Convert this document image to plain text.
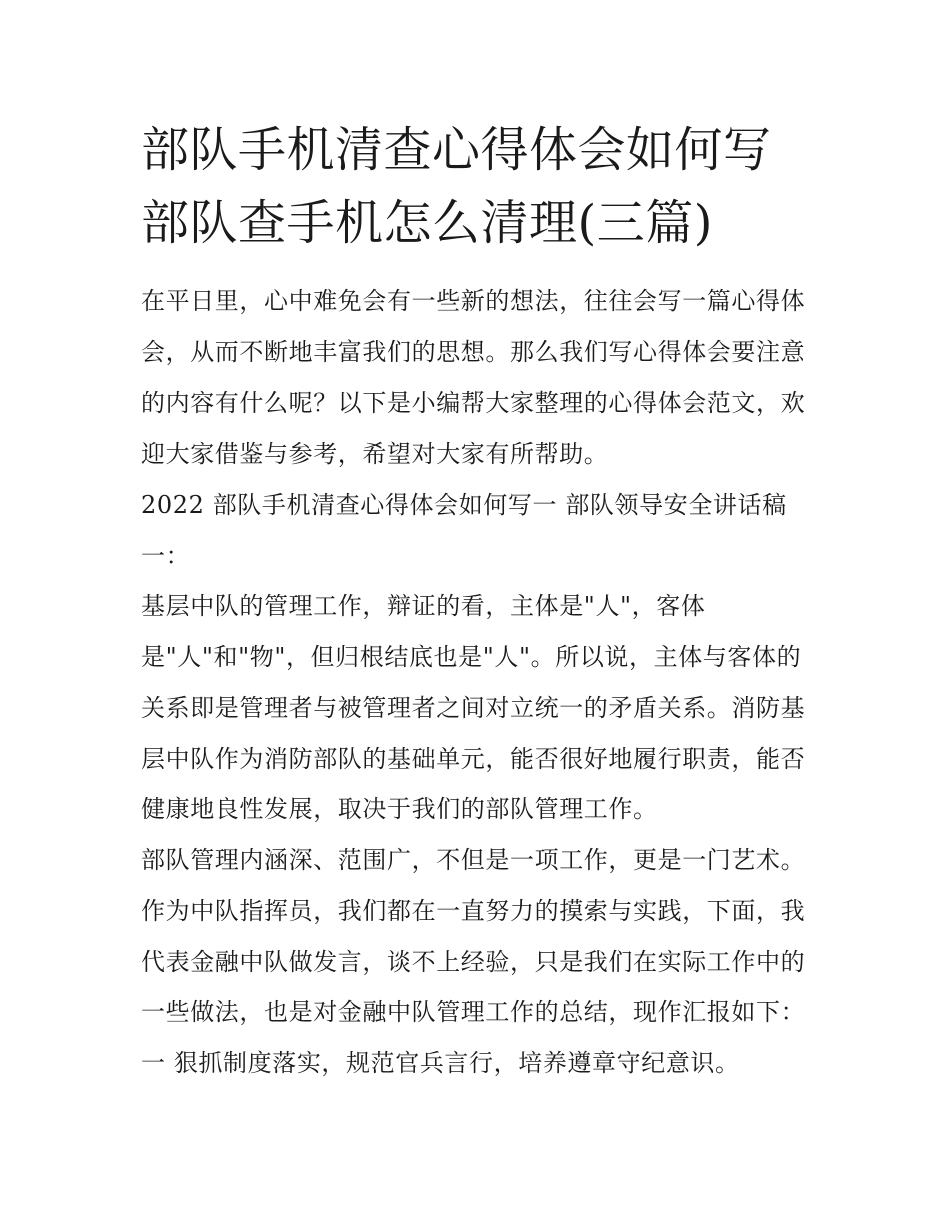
部队手机清查心得体会如何写
部队查手机怎么清理(三篇)
在平日里，心中难免会有一些新的想法，往往会写一篇心得体
会，从而不断地丰富我们的思想。那么我们写心得体会要注意
的内容有什么呢？以下是小编帮大家整理的心得体会范文，欢
迎大家借鉴与参考，希望对大家有所帮助。
2022 部队手机清查心得体会如何写一 部队领导安全讲话稿
一：
基层中队的管理工作，辩证的看，主体是"人"，客体
是"人"和"物"，但归根结底也是"人"。所以说，主体与客体的
关系即是管理者与被管理者之间对立统一的矛盾关系。消防基
层中队作为消防部队的基础单元，能否很好地履行职责，能否
健康地良性发展，取决于我们的部队管理工作。
部队管理内涵深、范围广，不但是一项工作，更是一门艺术。
作为中队指挥员，我们都在一直努力的摸索与实践，下面，我
代表金融中队做发言，谈不上经验，只是我们在实际工作中的
一些做法，也是对金融中队管理工作的总结，现作汇报如下：
一 狠抓制度落实，规范官兵言行，培养遵章守纪意识。
